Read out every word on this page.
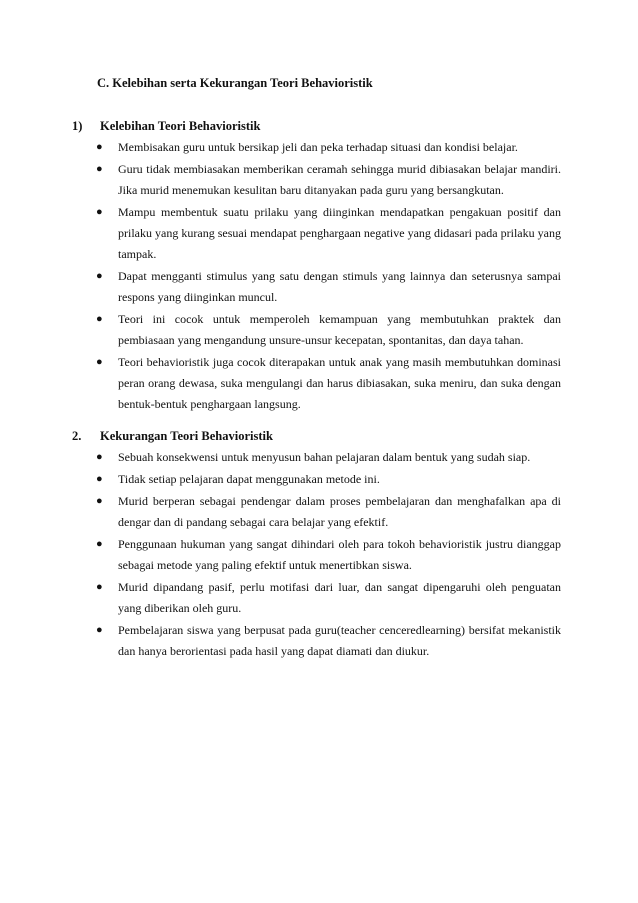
C. Kelebihan serta Kekurangan Teori Behavioristik
1) Kelebihan Teori Behavioristik
● Membisakan guru untuk bersikap jeli dan peka terhadap situasi dan kondisi belajar.
● Guru tidak membiasakan memberikan ceramah sehingga murid dibiasakan belajar mandiri. Jika murid menemukan kesulitan baru ditanyakan pada guru yang bersangkutan.
● Mampu membentuk suatu prilaku yang diinginkan mendapatkan pengakuan positif dan prilaku yang kurang sesuai mendapat penghargaan negative yang didasari pada prilaku yang tampak.
● Dapat mengganti stimulus yang satu dengan stimuls yang lainnya dan seterusnya sampai respons yang diinginkan muncul.
● Teori ini cocok untuk memperoleh kemampuan yang membutuhkan praktek dan pembiasaan yang mengandung unsure-unsur kecepatan, spontanitas, dan daya tahan.
● Teori behavioristik juga cocok diterapakan untuk anak yang masih membutuhkan dominasi peran orang dewasa, suka mengulangi dan harus dibiasakan, suka meniru, dan suka dengan bentuk-bentuk penghargaan langsung.
2. Kekurangan Teori Behavioristik
● Sebuah konsekwensi untuk menyusun bahan pelajaran dalam bentuk yang sudah siap.
● Tidak setiap pelajaran dapat menggunakan metode ini.
● Murid berperan sebagai pendengar dalam proses pembelajaran dan menghafalkan apa di dengar dan di pandang sebagai cara belajar yang efektif.
● Penggunaan hukuman yang sangat dihindari oleh para tokoh behavioristik justru dianggap sebagai metode yang paling efektif untuk menertibkan siswa.
● Murid dipandang pasif, perlu motifasi dari luar, dan sangat dipengaruhi oleh penguatan yang diberikan oleh guru.
● Pembelajaran siswa yang berpusat pada guru(teacher cenceredlearning) bersifat mekanistik dan hanya berorientasi pada hasil yang dapat diamati dan diukur.
